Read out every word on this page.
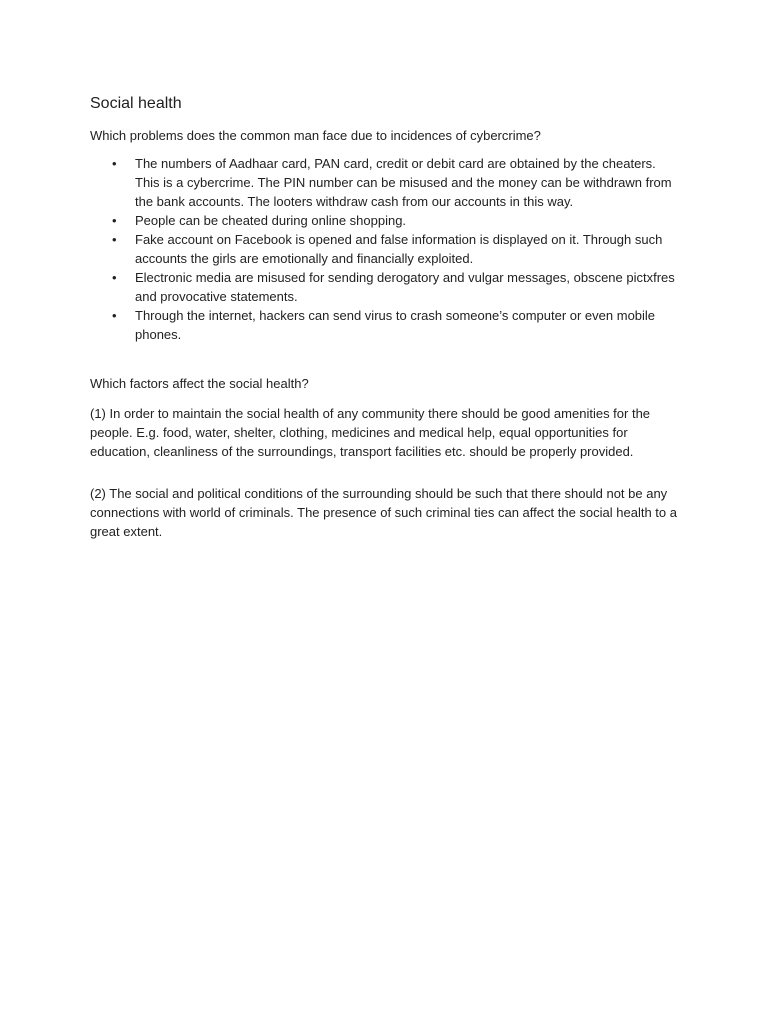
Social health

Which problems does the common man face due to incidences of cybercrime?

• The numbers of Aadhaar card, PAN card, credit or debit card are obtained by the cheaters. This is a cybercrime. The PIN number can be misused and the money can be withdrawn from the bank accounts. The looters withdraw cash from our accounts in this way.
• People can be cheated during online shopping.
• Fake account on Facebook is opened and false information is displayed on it. Through such accounts the girls are emotionally and financially exploited.
• Electronic media are misused for sending derogatory and vulgar messages, obscene pictxfres and provocative statements.
• Through the internet, hackers can send virus to crash someone’s computer or even mobile phones.

Which factors affect the social health?

(1) In order to maintain the social health of any community there should be good amenities for the people. E.g. food, water, shelter, clothing, medicines and medical help, equal opportunities for education, cleanliness of the surroundings, transport facilities etc. should be properly provided.

(2) The social and political conditions of the surrounding should be such that there should not be any connections with world of criminals. The presence of such criminal ties can affect the social health to a great extent.
